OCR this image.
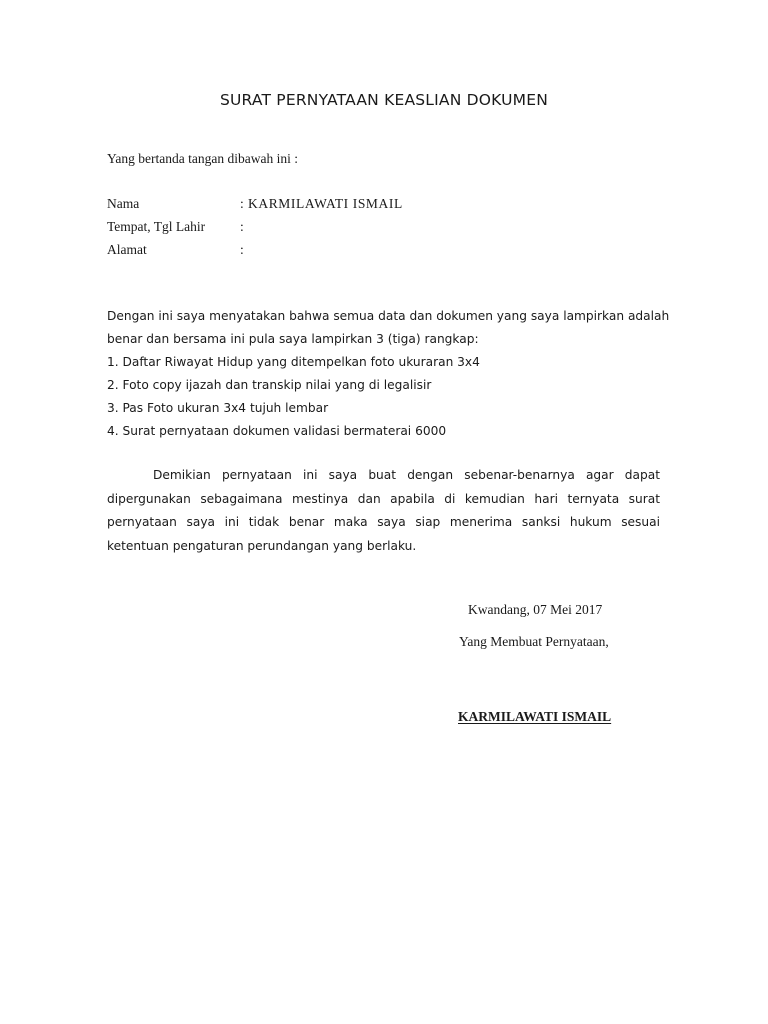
SURAT PERNYATAAN KEASLIAN DOKUMEN
Yang bertanda tangan dibawah ini :
Nama	: KARMILAWATI ISMAIL
Tempat, Tgl Lahir	:
Alamat	:
Dengan ini saya menyatakan bahwa semua data dan dokumen yang saya lampirkan adalah
benar dan bersama ini pula saya lampirkan 3 (tiga) rangkap:
1. Daftar Riwayat Hidup yang ditempelkan foto ukuraran 3x4
2. Foto copy ijazah dan transkip nilai yang di legalisir
3. Pas Foto ukuran 3x4 tujuh lembar
4. Surat pernyataan dokumen validasi bermaterai 6000
Demikian pernyataan ini saya buat dengan sebenar-benarnya agar dapat dipergunakan sebagaimana mestinya dan apabila di kemudian hari ternyata surat pernyataan saya ini tidak benar maka saya siap menerima sanksi hukum sesuai ketentuan pengaturan perundangan yang berlaku.
Kwandang, 07 Mei 2017
Yang Membuat Pernyataan,
KARMILAWATI ISMAIL
